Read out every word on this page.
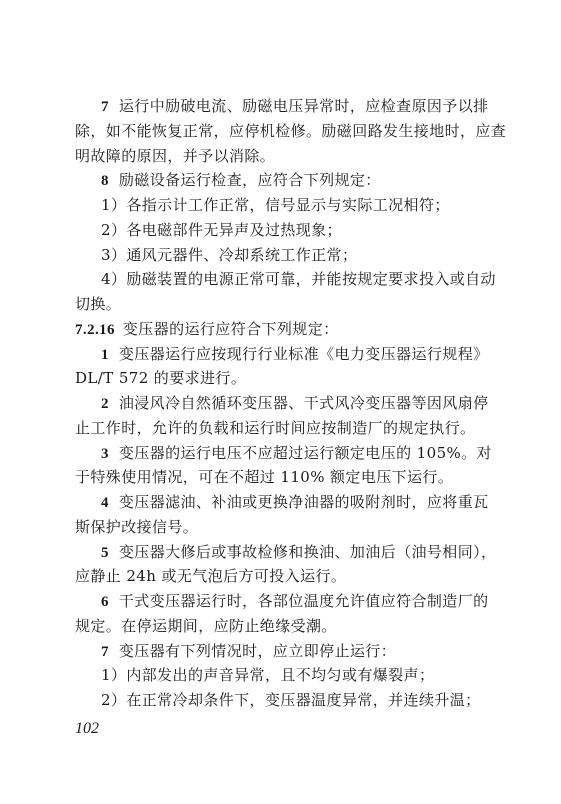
7 运行中励破电流、励磁电压异常时，应检查原因予以排
除，如不能恢复正常，应停机检修。励磁回路发生接地时，应查
明故障的原因，并予以消除。
8 励磁设备运行检查，应符合下列规定：
1）各指示计工作正常，信号显示与实际工况相符；
2）各电磁部件无异声及过热现象；
3）通风元器件、冷却系统工作正常；
4）励磁装置的电源正常可靠，并能按规定要求投入或自动
切换。
7.2.16 变压器的运行应符合下列规定：
1 变压器运行应按现行行业标准《电力变压器运行规程》
DL/T 572 的要求进行。
2 油浸风冷自然循环变压器、干式风冷变压器等因风扇停
止工作时，允许的负载和运行时间应按制造厂的规定执行。
3 变压器的运行电压不应超过运行额定电压的 105%。对
于特殊使用情况，可在不超过 110% 额定电压下运行。
4 变压器滤油、补油或更换净油器的吸附剂时，应将重瓦
斯保护改接信号。
5 变压器大修后或事故检修和换油、加油后（油号相同），
应静止 24h 或无气泡后方可投入运行。
6 干式变压器运行时，各部位温度允许值应符合制造厂的
规定。在停运期间，应防止绝缘受潮。
7 变压器有下列情况时，应立即停止运行：
1）内部发出的声音异常，且不均匀或有爆裂声；
2）在正常冷却条件下，变压器温度异常，并连续升温；
102
